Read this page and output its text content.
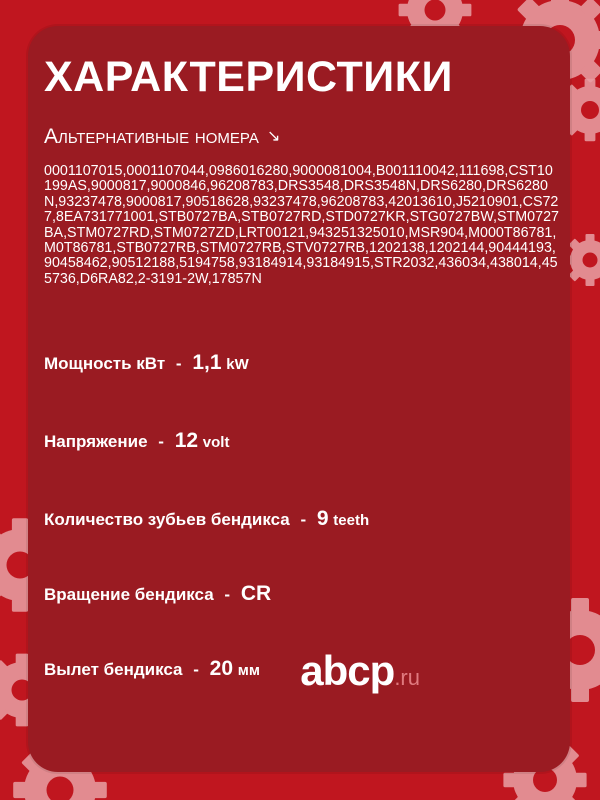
ХАРАКТЕРИСТИКИ
Альтернативные номера ↘
0001107015,0001107044,0986016280,9000081004,B001110042,111698,CST10199AS,9000817,9000846,96208783,DRS3548,DRS3548N,DRS6280,DRS6280N,93237478,9000817,90518628,93237478,96208783,42013610,J5210901,CS727,8EA731771001,STB0727BA,STB0727RD,STD0727KR,STG0727BW,STM0727BA,STM0727RD,STM0727ZD,LRT00121,943251325010,MSR904,M000T86781,M0T86781,STB0727RB,STM0727RB,STV0727RB,1202138,1202144,90444193,90458462,90512188,5194758,93184914,93184915,STR2032,436034,438014,455736,D6RA82,2-3191-2W,17857N
Мощность кВт - 1,1 kW
Напряжение - 12 volt
Количество зубьев бендикса - 9 teeth
Вращение бендикса - CR
Вылет бендикса - 20 мм abcp.ru
